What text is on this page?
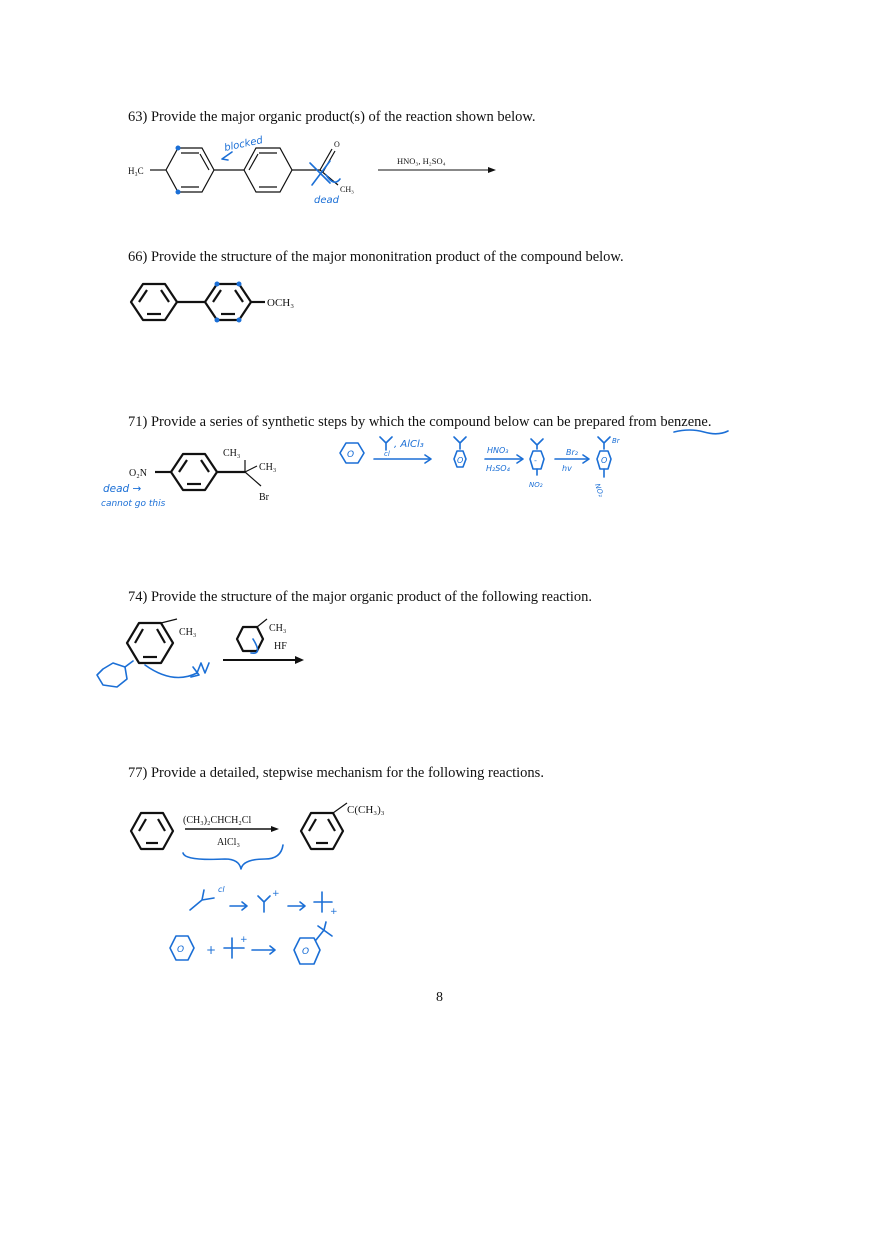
63) Provide the major organic product(s) of the reaction shown below.
66) Provide the structure of the major mononitration product of the compound below.
71) Provide a series of synthetic steps by which the compound below can be prepared from benzene.
74) Provide the structure of the major organic product of the following reaction.
77) Provide a detailed, stepwise mechanism for the following reactions.
H₃C
O
CH₃
blocked
dead
HNO₃, H₂SO₄
OCH₃
O₂N
CH₃
CH₃
Br
dead →
cannot go this
O	cl
, AlCl₃
O
HNO₃
H₂SO₄
-
NO₂
Br₂
hv
Br
O
NO₂
CH₃	CH₃
HF
(CH₃)₂CHCH₂Cl
AlCl₃
C(CH₃)₃
cl	+
+
O +
+
O
8
